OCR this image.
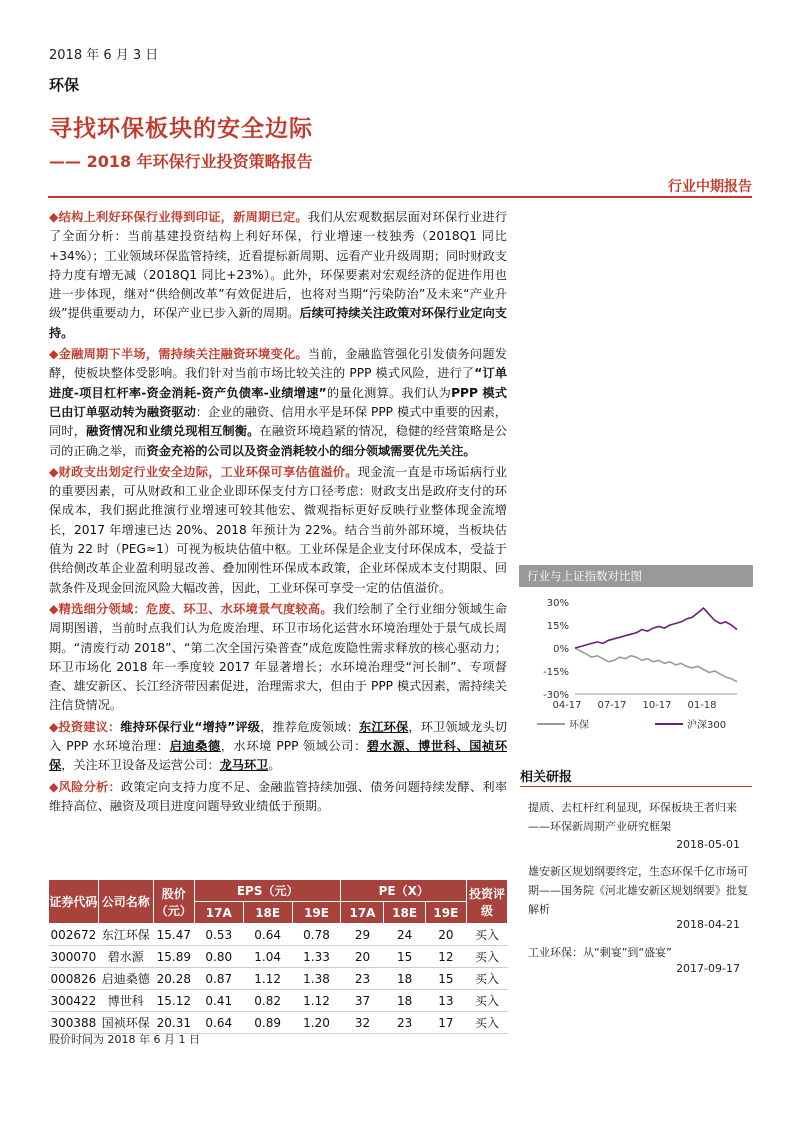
2018 年 6 月 3 日
环保
寻找环保板块的安全边际
—— 2018 年环保行业投资策略报告
行业中期报告

◆结构上利好环保行业得到印证，新周期已定。我们从宏观数据层面对环保行业进行了全面分析：当前基建投资结构上利好环保，行业增速一枝独秀（2018Q1 同比+34%）；工业领域环保监管持续，近看提标新周期、远看产业升级周期；同时财政支持力度有增无减（2018Q1 同比+23%）。此外，环保要素对宏观经济的促进作用也进一步体现，继对“供给侧改革”有效促进后，也将对当期“污染防治”及未来“产业升级”提供重要动力，环保产业已步入新的周期。后续可持续关注政策对环保行业定向支持。

◆金融周期下半场，需持续关注融资环境变化。当前，金融监管强化引发债务问题发酵，使板块整体受影响。我们针对当前市场比较关注的 PPP 模式风险，进行了“订单进度-项目杠杆率-资金消耗-资产负债率-业绩增速”的量化测算。我们认为PPP 模式已由订单驱动转为融资驱动：企业的融资、信用水平是环保 PPP 模式中重要的因素，同时，融资情况和业绩兑现相互制衡。在融资环境趋紧的情况，稳健的经营策略是公司的正确之举，而资金充裕的公司以及资金消耗较小的细分领域需要优先关注。

◆财政支出划定行业安全边际，工业环保可享估值溢价。现金流一直是市场诟病行业的重要因素，可从财政和工业企业即环保支付方口径考虑：财政支出是政府支付的环保成本，我们据此推演行业增速可较其他宏、微观指标更好反映行业整体现金流增长，2017 年增速已达 20%、2018 年预计为 22%。结合当前外部环境，当板块估值为 22 时（PEG≈1）可视为板块估值中枢。工业环保是企业支付环保成本，受益于供给侧改革企业盈利明显改善、叠加刚性环保成本政策，企业环保成本支付期限、回款条件及现金回流风险大幅改善，因此，工业环保可享受一定的估值溢价。

◆精选细分领域：危废、环卫、水环境景气度较高。我们绘制了全行业细分领域生命周期图谱，当前时点我们认为危废治理、环卫市场化运营水环境治理处于景气成长周期。“清废行动 2018”、“第二次全国污染普查”成危废隐性需求释放的核心驱动力；环卫市场化 2018 年一季度较 2017 年显著增长；水环境治理受“河长制”、专项督查、雄安新区、长江经济带因素促进，治理需求大，但由于 PPP 模式因素，需持续关注信贷情况。

◆投资建议：维持环保行业“增持”评级，推荐危废领域：东江环保，环卫领域龙头切入 PPP 水环境治理：启迪桑德，水环境 PPP 领域公司：碧水源、博世科、国祯环保，关注环卫设备及运营公司：龙马环卫。

◆风险分析：政策定向支持力度不足、金融监管持续加强、债务问题持续发酵、利率维持高位、融资及项目进度问题导致业绩低于预期。

证券代码	公司名称	股价（元）	EPS（元）			PE（X）			投资评级
			17A	18E	19E	17A	18E	19E	
002672	东江环保	15.47	0.53	0.64	0.78	29	24	20	买入
300070	碧水源	15.89	0.80	1.04	1.33	20	15	12	买入
000826	启迪桑德	20.28	0.87	1.12	1.38	23	18	15	买入
300422	博世科	15.12	0.41	0.82	1.12	37	18	13	买入
300388	国祯环保	20.31	0.64	0.89	1.20	32	23	17	买入
股价时间为 2018 年 6 月 1 日
行业与上证指数对比图
30%
15%
0%
-15%
-30%
04-17 07-17 10-17 01-18
环保	沪深300
相关研报
提质、去杠杆红利显现，环保板块王者归来——环保新周期产业研究框架
2018-05-01
雄安新区规划纲要终定，生态环保千亿市场可期——国务院《河北雄安新区规划纲要》批复解析
2018-04-21
工业环保：从“剩宴”到“盛宴”
2017-09-17
